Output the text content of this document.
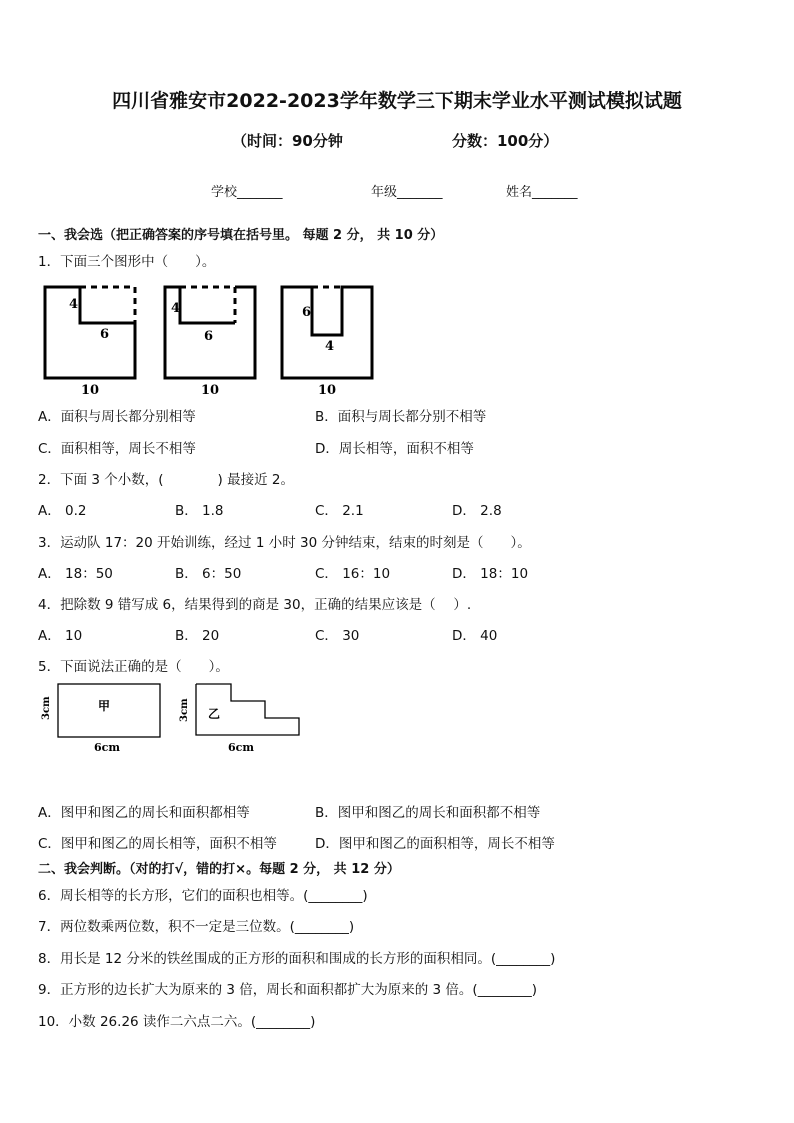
四川省雅安市2022-2023学年数学三下期末学业水平测试模拟试题
（时间：90分钟	分数：100分）
学校_______	年级_______	姓名_______
一、我会选（把正确答案的序号填在括号里。 每题 2 分， 共 10 分）
1．下面三个图形中（　　）。
4
6
10
4
6
10
6
4
10
A．面积与周长都分别相等	B．面积与周长都分别不相等
C．面积相等，周长不相等	D．周长相等，面积不相等
2．下面 3 个小数，(　　　　) 最接近 2。
A． 0.2	B． 1.8	C． 2.1	D． 2.8
3．运动队 17：20 开始训练，经过 1 小时 30 分钟结束，结束的时刻是（　　）。
A． 18：50	B． 6：50	C． 16：10	D． 18：10
4．把除数 9 错写成 6，结果得到的商是 30，正确的结果应该是（　 ）.
A． 10	B． 20	C． 30	D． 40
5．下面说法正确的是（　　）。
甲
3cm
6cm
乙
3cm
6cm
A．图甲和图乙的周长和面积都相等	B．图甲和图乙的周长和面积都不相等
C．图甲和图乙的周长相等，面积不相等	D．图甲和图乙的面积相等，周长不相等
二、我会判断。（对的打√，错的打×。每题 2 分， 共 12 分）
6．周长相等的长方形，它们的面积也相等。(________)
7．两位数乘两位数，积不一定是三位数。(________)
8．用长是 12 分米的铁丝围成的正方形的面积和围成的长方形的面积相同。(________)
9．正方形的边长扩大为原来的 3 倍，周长和面积都扩大为原来的 3 倍。(________)
10．小数 26.26 读作二六点二六。(________)
